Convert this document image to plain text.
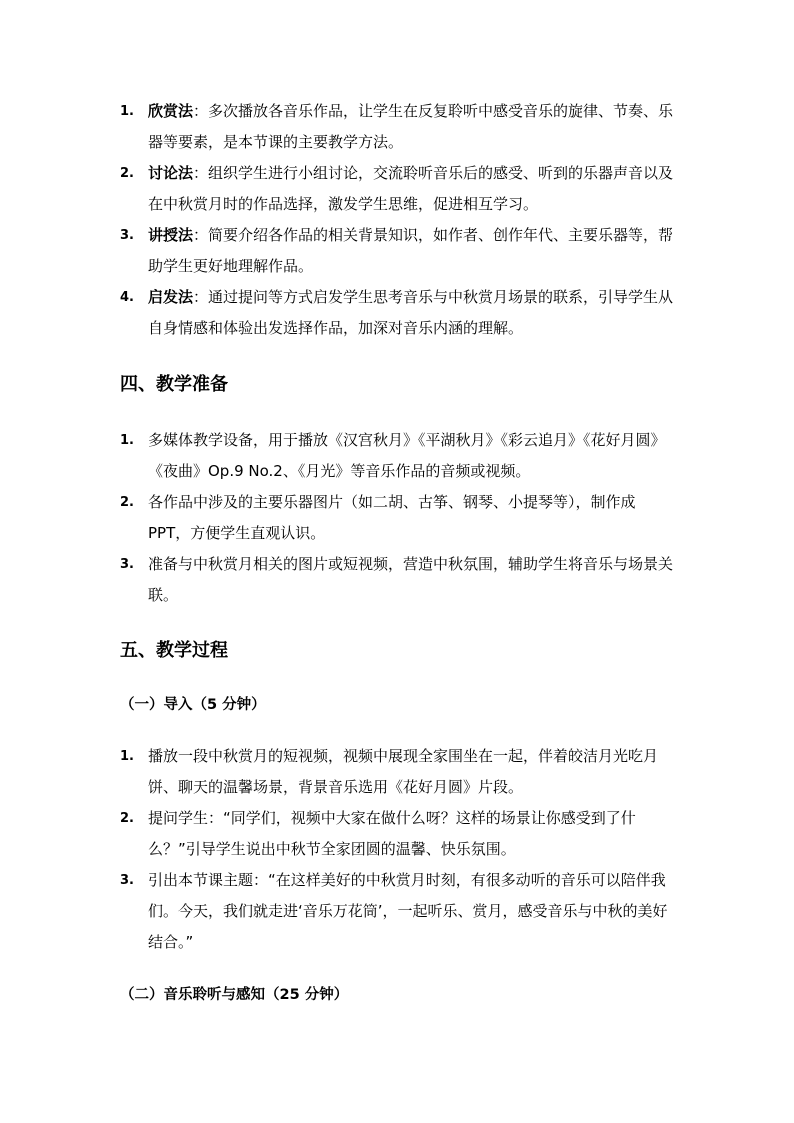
1. 欣赏法：多次播放各音乐作品，让学生在反复聆听中感受音乐的旋律、节奏、乐器等要素，是本节课的主要教学方法。
2. 讨论法：组织学生进行小组讨论，交流聆听音乐后的感受、听到的乐器声音以及在中秋赏月时的作品选择，激发学生思维，促进相互学习。
3. 讲授法：简要介绍各作品的相关背景知识，如作者、创作年代、主要乐器等，帮助学生更好地理解作品。
4. 启发法：通过提问等方式启发学生思考音乐与中秋赏月场景的联系，引导学生从自身情感和体验出发选择作品，加深对音乐内涵的理解。
四、教学准备
1. 多媒体教学设备，用于播放《汉宫秋月》《平湖秋月》《彩云追月》《花好月圆》《夜曲》Op.9 No.2、《月光》等音乐作品的音频或视频。
2. 各作品中涉及的主要乐器图片（如二胡、古筝、钢琴、小提琴等），制作成PPT，方便学生直观认识。
3. 准备与中秋赏月相关的图片或短视频，营造中秋氛围，辅助学生将音乐与场景关联。
五、教学过程
（一）导入（5 分钟）
1. 播放一段中秋赏月的短视频，视频中展现全家围坐在一起，伴着皎洁月光吃月饼、聊天的温馨场景，背景音乐选用《花好月圆》片段。
2. 提问学生：“同学们，视频中大家在做什么呀？这样的场景让你感受到了什么？”引导学生说出中秋节全家团圆的温馨、快乐氛围。
3. 引出本节课主题：“在这样美好的中秋赏月时刻，有很多动听的音乐可以陪伴我们。今天，我们就走进‘音乐万花筒’，一起听乐、赏月，感受音乐与中秋的美好结合。”
（二）音乐聆听与感知（25 分钟）
